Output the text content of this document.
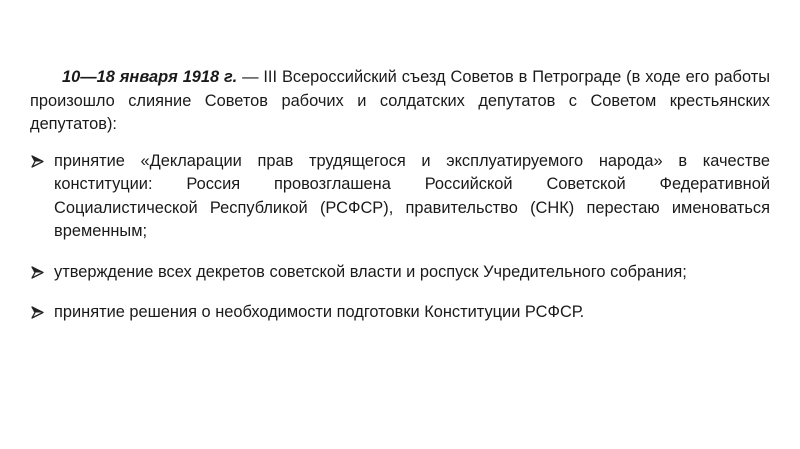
10—18 января 1918 г. — III Всероссийский съезд Советов в Петрограде (в ходе его работы произошло слияние Советов рабочих и солдатских депутатов с Советом крестьянских депутатов):

принятие «Декларации прав трудящегося и эксплуатируемого народа» в качестве конституции: Россия провозглашена Российской Советской Федеративной Социалистической Республикой (РСФСР), правительство (СНК) перестаю именоваться временным;
утверждение всех декретов советской власти и роспуск Учредительного собрания;
принятие решения о необходимости подготовки Конституции РСФСР.
